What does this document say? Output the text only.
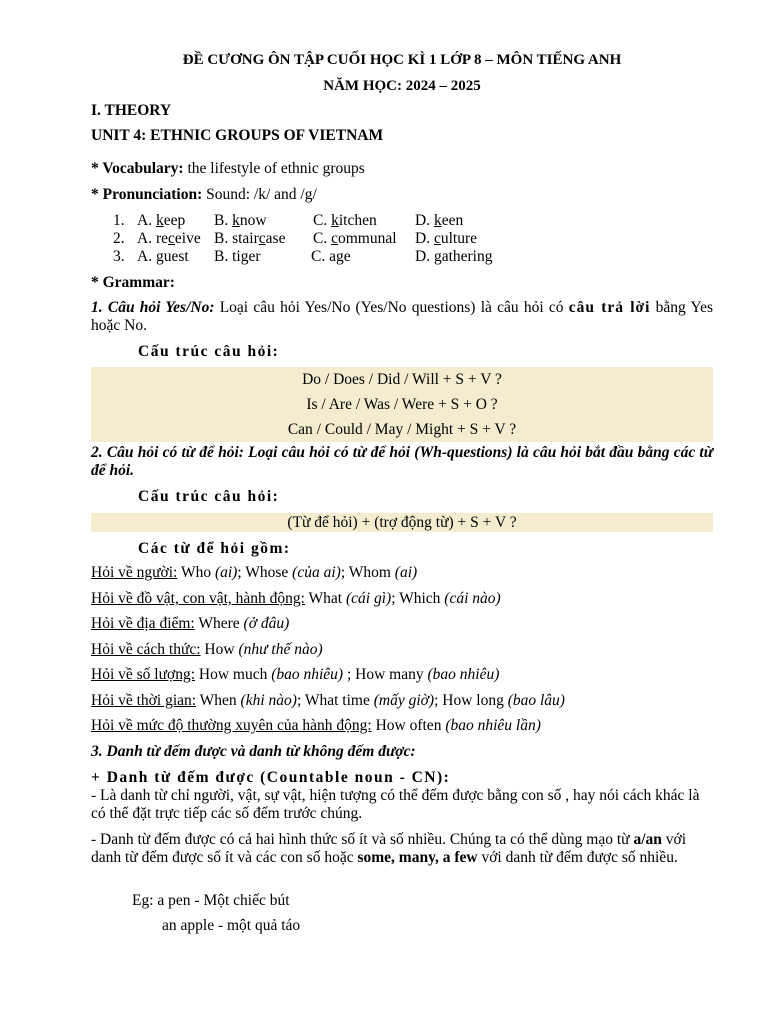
ĐỀ CƯƠNG ÔN TẬP CUỐI HỌC KÌ 1 LỚP 8 – MÔN TIẾNG ANH
NĂM HỌC: 2024 – 2025
I. THEORY
UNIT 4: ETHNIC GROUPS OF VIETNAM
* Vocabulary: the lifestyle of ethnic groups
* Pronunciation: Sound: /k/ and /g/
1. A. keep B. know	C. kitchen D. keen
2. A. receive B. staircase C. communal D. culture
3. A. guest B. tiger	C. age	D. gathering
* Grammar:
1. Câu hỏi Yes/No: Loại câu hỏi Yes/No (Yes/No questions) là câu hỏi có câu trả lời bằng Yes hoặc No.
Cấu trúc câu hỏi:
Do / Does / Did / Will + S + V ?
Is / Are / Was / Were + S + O ?
Can / Could / May / Might + S + V ?
2. Câu hỏi có từ để hỏi: Loại câu hỏi có từ để hỏi (Wh-questions) là câu hỏi bắt đầu bằng các từ để hỏi.
Cấu trúc câu hỏi:
(Từ để hỏi) + (trợ động từ) + S + V ?
Các từ để hỏi gồm:
Hỏi về người: Who (ai); Whose (của ai); Whom (ai)
Hỏi về đồ vật, con vật, hành động: What (cái gì); Which (cái nào)
Hỏi về địa điểm: Where (ở đâu)
Hỏi về cách thức: How (như thế nào)
Hỏi về số lượng: How much (bao nhiêu) ; How many (bao nhiêu)
Hỏi về thời gian: When (khi nào); What time (mấy giờ); How long (bao lâu)
Hỏi về mức độ thường xuyên của hành động: How often (bao nhiêu lần)
3. Danh từ đếm được và danh từ không đếm được:
+ Danh từ đếm được (Countable noun - CN):
- Là danh từ chỉ người, vật, sự vật, hiện tượng có thể đếm được bằng con số , hay nói cách khác là có thể đặt trực tiếp các số đếm trước chúng.
- Danh từ đếm được có cả hai hình thức số ít và số nhiều. Chúng ta có thể dùng mạo từ a/an với danh từ đếm được số ít và các con số hoặc some, many, a few với danh từ đếm được số nhiều.
Eg: a pen - Một chiếc bút
an apple - một quả táo
